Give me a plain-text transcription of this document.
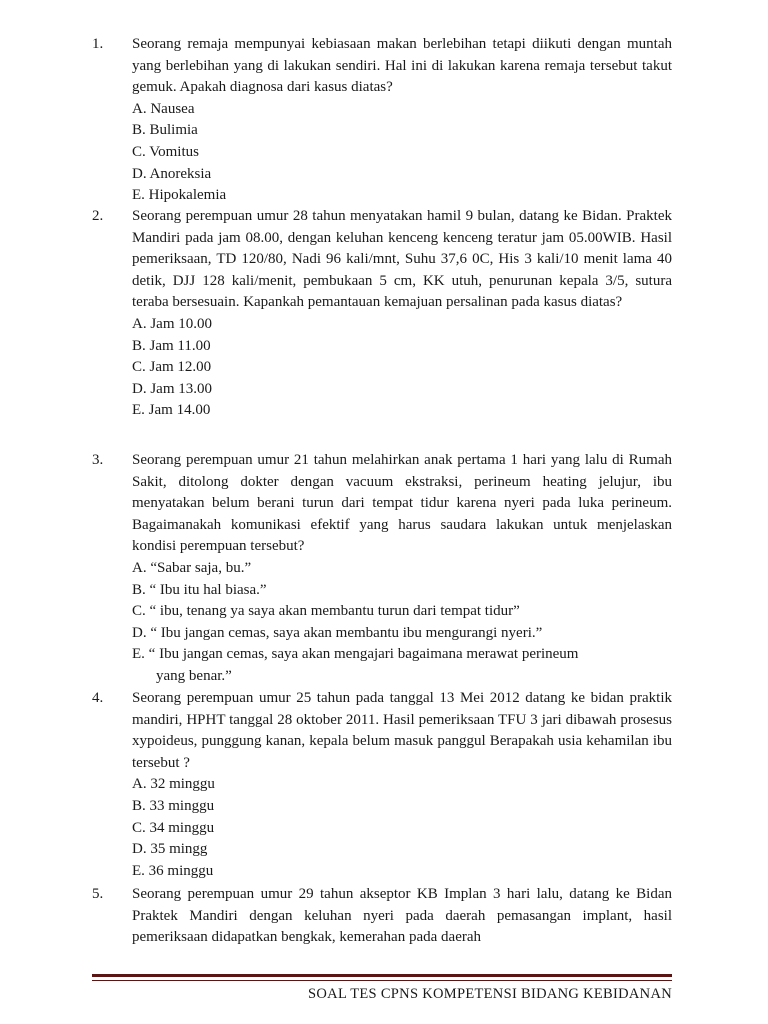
1. Seorang remaja mempunyai kebiasaan makan berlebihan tetapi diikuti dengan muntah yang berlebihan yang di lakukan sendiri. Hal ini di lakukan karena remaja tersebut takut gemuk. Apakah diagnosa dari kasus diatas?
A. Nausea
B. Bulimia
C. Vomitus
D. Anoreksia
E. Hipokalemia
2. Seorang perempuan umur 28 tahun menyatakan hamil 9 bulan, datang ke Bidan. Praktek Mandiri pada jam 08.00, dengan keluhan kenceng kenceng teratur jam 05.00WIB. Hasil pemeriksaan, TD 120/80, Nadi 96 kali/mnt, Suhu 37,6 0C, His 3 kali/10 menit lama 40 detik, DJJ 128 kali/menit, pembukaan 5 cm, KK utuh, penurunan kepala 3/5, sutura teraba bersesuain. Kapankah pemantauan kemajuan persalinan pada kasus diatas?
A. Jam 10.00
B. Jam 11.00
C. Jam 12.00
D. Jam 13.00
E. Jam 14.00
3. Seorang perempuan umur 21 tahun melahirkan anak pertama 1 hari yang lalu di Rumah Sakit, ditolong dokter dengan vacuum ekstraksi, perineum heating jelujur, ibu menyatakan belum berani turun dari tempat tidur karena nyeri pada luka perineum. Bagaimanakah komunikasi efektif yang harus saudara lakukan untuk menjelaskan kondisi perempuan tersebut?
A. “Sabar saja, bu.”
B. “ Ibu itu hal biasa.”
C. “ ibu, tenang ya saya akan membantu turun dari tempat tidur”
D. “ Ibu jangan cemas, saya akan membantu ibu mengurangi nyeri.”
E. “ Ibu jangan cemas, saya akan mengajari bagaimana merawat perineum
yang benar.”
4. Seorang perempuan umur 25 tahun pada tanggal 13 Mei 2012 datang ke bidan praktik mandiri, HPHT tanggal 28 oktober 2011. Hasil pemeriksaan TFU 3 jari dibawah prosesus xypoideus, punggung kanan, kepala belum masuk panggul Berapakah usia kehamilan ibu tersebut ?
A. 32 minggu
B. 33 minggu
C. 34 minggu
D. 35 mingg
E. 36 minggu
5. Seorang perempuan umur 29 tahun akseptor KB Implan 3 hari lalu, datang ke Bidan Praktek Mandiri dengan keluhan nyeri pada daerah pemasangan implant, hasil pemeriksaan didapatkan bengkak, kemerahan pada daerah
SOAL TES CPNS KOMPETENSI BIDANG KEBIDANAN
